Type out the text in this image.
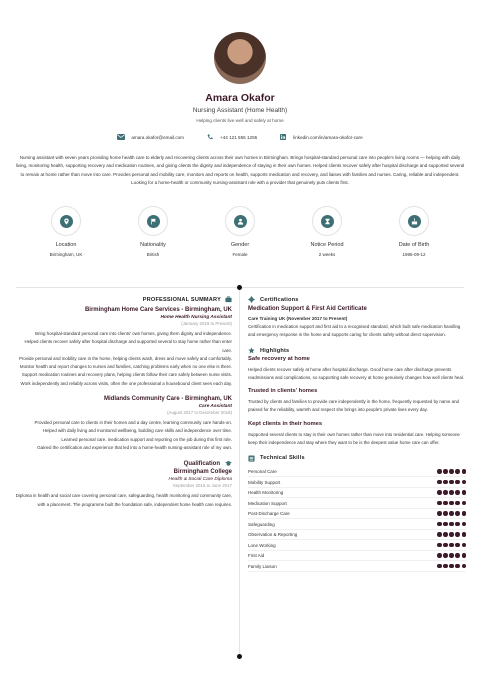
Amara Okafor
Nursing Assistant (Home Health)
Helping clients live well and safely at home
amara.okafor@email.com	+44 121 555 1255	linkedin.com/in/amara-okafor-care

Nursing assistant with seven years providing home health care to elderly and recovering clients across their own homes in Birmingham. Brings hospital-standard personal care into people's living rooms — helping with daily living, monitoring health, supporting recovery and medication routines, and giving clients the dignity and independence of staying in their own homes. Helped clients recover safely after hospital discharge and supported several to remain at home rather than move into care. Provides personal and mobility care, monitors and reports on health, supports medication and recovery, and liaises with families and nurses. Caring, reliable and independent. Looking for a home-health or community nursing-assistant role with a provider that genuinely puts clients first.

Location
Birmingham, UK
Nationality
British
Gender
Female
Notice Period
2 weeks
Date of Birth
1995-09-12
PROFESSIONAL SUMMARY
Birmingham Home Care Services - Birmingham, UK
Home Health Nursing Assistant
(January 2019 to Present)
Bring hospital-standard personal care into clients' own homes, giving them dignity and independence.
Helped clients recover safely after hospital discharge and supported several to stay home rather than enter care.
Provide personal and mobility care in the home, helping clients wash, dress and move safely and comfortably.
Monitor health and report changes to nurses and families, catching problems early when no one else is there.
Support medication routines and recovery plans, helping clients follow their care safely between nurse visits.
Work independently and reliably across visits, often the one professional a housebound client sees each day.
Midlands Community Care - Birmingham, UK
Care Assistant
(August 2017 to December 2018)
Provided personal care to clients in their homes and a day centre, learning community care hands-on.
Helped with daily living and monitored wellbeing, building care skills and independence over time.
Learned personal care, medication support and reporting on the job during this first role.
Gained the certification and experience that led into a home-health nursing-assistant role of my own.
Qualification
Birmingham College
Health & Social Care Diploma
September 2016 to June 2017
Diploma in health and social care covering personal care, safeguarding, health monitoring and community care, with a placement. The programme built the foundation safe, independent home health care requires.
Certifications
Medication Support & First Aid Certificate
Care Training UK (November 2017 to Present)
Certification in medication support and first aid to a recognised standard, which built safe medication handling and emergency response in the home and supports caring for clients safely without direct supervision.
Highlights
Safe recovery at home
Helped clients recover safely at home after hospital discharge. Good home care after discharge prevents readmissions and complications, so supporting safe recovery at home genuinely changes how well clients heal.
Trusted in clients' homes
Trusted by clients and families to provide care independently in the home, frequently requested by name and praised for the reliability, warmth and respect she brings into people's private lives every day.
Kept clients in their homes
Supported several clients to stay in their own homes rather than move into residential care. Helping someone keep their independence and stay where they want to be is the deepest value home care can offer.
Technical Skills
Personal Care
Mobility Support
Health Monitoring
Medication Support
Post-Discharge Care
Safeguarding
Observation & Reporting
Lone Working
First Aid
Family Liaison
